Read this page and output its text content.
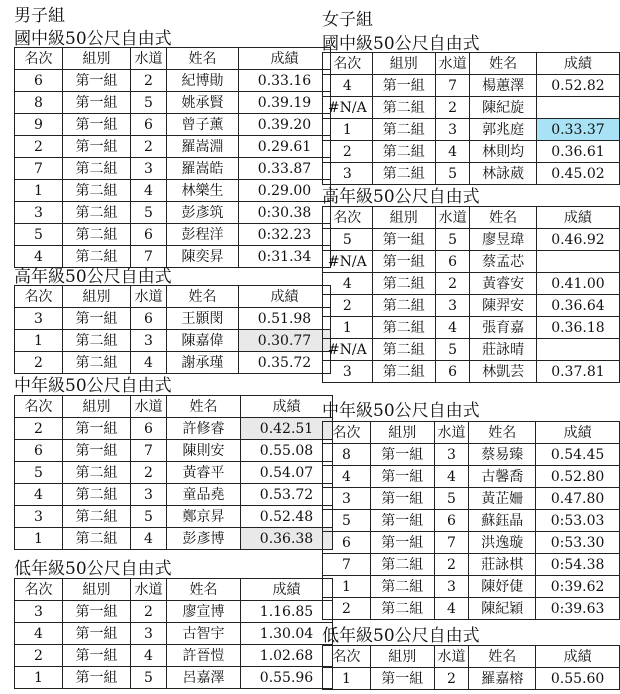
男子組	女子組
國中級50公尺自由式
名次	組別	水道	姓名	成績
6	第一組	2	紀博勛	0.33.16
8	第一組	5	姚承賢	0.39.19
9	第一組	6	曾子薰	0.39.20
2	第一組	2	羅嵩淵	0.29.61
7	第二組	3	羅嵩皓	0.33.87
1	第二組	4	林樂生	0.29.00
3	第二組	5	彭彥筑	0:30.38
5	第二組	6	彭程洋	0:32.23
4	第二組	7	陳奕昇	0:31.34
高年級50公尺自由式
名次	組別	水道	姓名	成績
3	第一組	6	王顥閔	0.51.98
1	第二組	3	陳嘉偉	0.30.77
2	第二組	4	謝承瑾	0.35.72
中年級50公尺自由式
名次	組別	水道	姓名	成績
2	第一組	6	許修睿	0.42.51
6	第一組	7	陳則安	0.55.08
5	第二組	2	黃睿平	0.54.07
4	第二組	3	童品堯	0.53.72
3	第二組	5	鄭京昇	0.52.48
1	第二組	4	彭彥博	0.36.38
低年級50公尺自由式
名次	組別	水道	姓名	成績
3	第一組	2	廖宣博	1.16.85
4	第一組	3	古智宇	1.30.04
2	第一組	4	許晉愷	1.02.68
1	第一組	5	呂嘉澤	0.55.96
國中級50公尺自由式
名次	組別	水道	姓名	成績
4	第一組	7	楊蕙澤	0.52.82
#N/A	第二組	2	陳紀旋	
1	第二組	3	郭兆庭	0.33.37
2	第二組	4	林則均	0.36.61
3	第二組	5	林詠葳	0.45.02
高年級50公尺自由式
名次	組別	水道	姓名	成績
5	第一組	5	廖昱瑋	0.46.92
#N/A	第一組	6	蔡孟芯	
4	第二組	2	黃睿安	0.41.00
2	第二組	3	陳羿安	0.36.64
1	第二組	4	張育嘉	0.36.18
#N/A	第二組	5	莊詠晴	
3	第二組	6	林凱芸	0.37.81
中年級50公尺自由式
名次	組別	水道	姓名	成績
8	第一組	3	蔡易臻	0.54.45
4	第一組	4	古馨喬	0.52.80
3	第一組	5	黃芷姍	0.47.80
5	第一組	6	蘇鈺晶	0:53.03
6	第一組	7	洪逸璇	0:53.30
7	第二組	2	莊詠棋	0:54.38
1	第二組	3	陳妤倢	0:39.62
2	第二組	4	陳紀穎	0:39.63
低年級50公尺自由式
名次	組別	水道	姓名	成績
1	第一組	2	羅嘉榕	0.55.60
